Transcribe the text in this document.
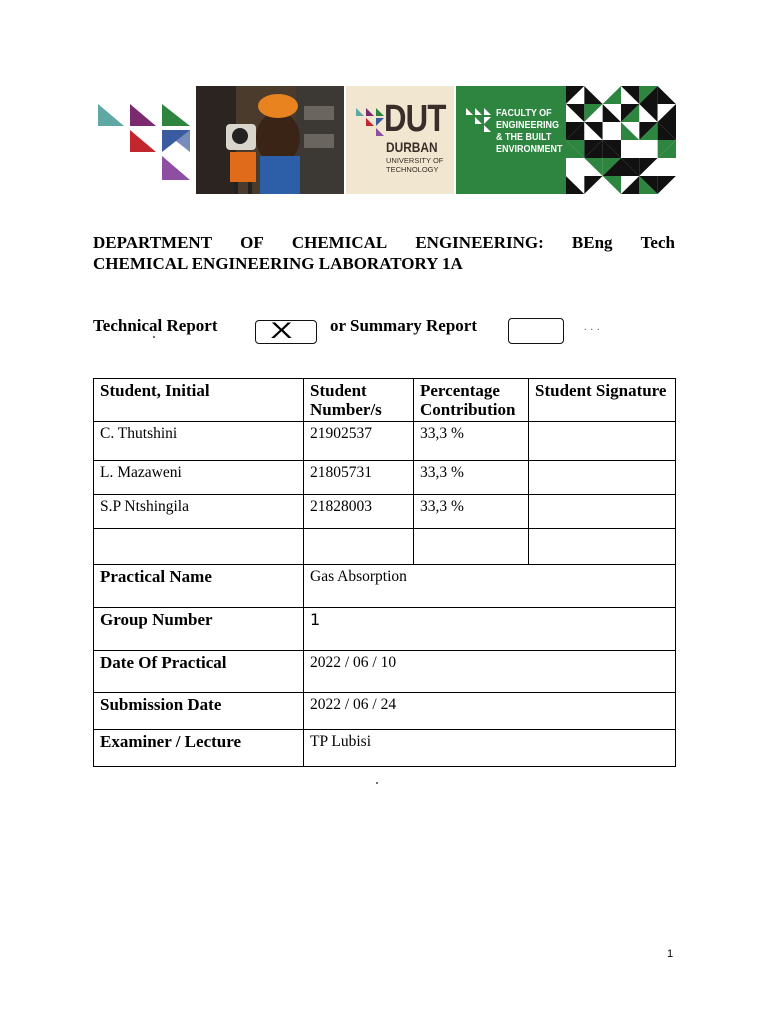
DUT
DURBAN
UNIVERSITY OF
TECHNOLOGY
FACULTY OF
ENGINEERING
& THE BUILT
ENVIRONMENT
DEPARTMENT OF CHEMICAL ENGINEERING: BEng Tech
CHEMICAL ENGINEERING LABORATORY 1A
Technical Report X or Summary Report	...
Student, Initial	Student Number/s	Percentage Contribution	Student Signature
C. Thutshini	21902537	33,3 %	
L. Mazaweni	21805731	33,3 %	
S.P Ntshingila	21828003	33,3 %	

Practical Name	Gas Absorption		
Group Number	1		
Date Of Practical	2022 / 06 / 10		
Submission Date	2022 / 06 / 24		
Examiner / Lecture	TP Lubisi		
1
